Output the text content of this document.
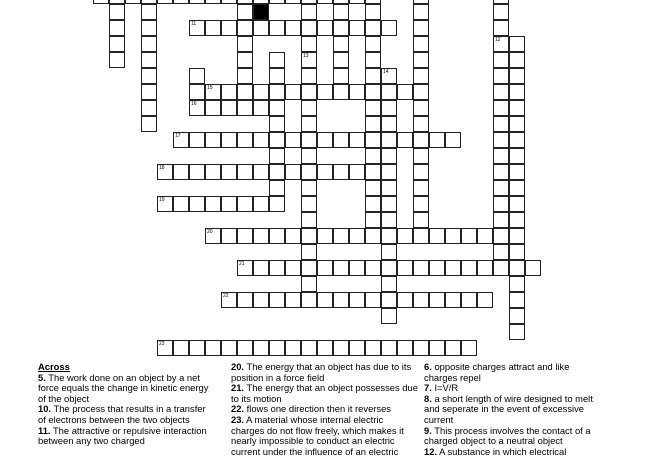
13
12
16
11
15
17
18
19
20
21
22
23
14

Across

5. The work done on an object by a net force equals the change in kinetic energy of the object

10. The process that results in a transfer of electrons between the two objects

11. The attractive or repulsive interaction between any two charged

20. The energy that an object has due to its position in a force field

21. The energy that an object possesses due to its motion

22. flows one direction then it reverses

23. A material whose internal electric charges do not flow freely, which makes it nearly impossible to conduct an electric current under the influence of an electric

6. opposite charges attract and like charges repel

7. I=V/R

8. a short length of wire designed to melt and seperate in the event of excessive current

9. This process involves the contact of a charged object to a neutral object

12. A substance in which electrical
